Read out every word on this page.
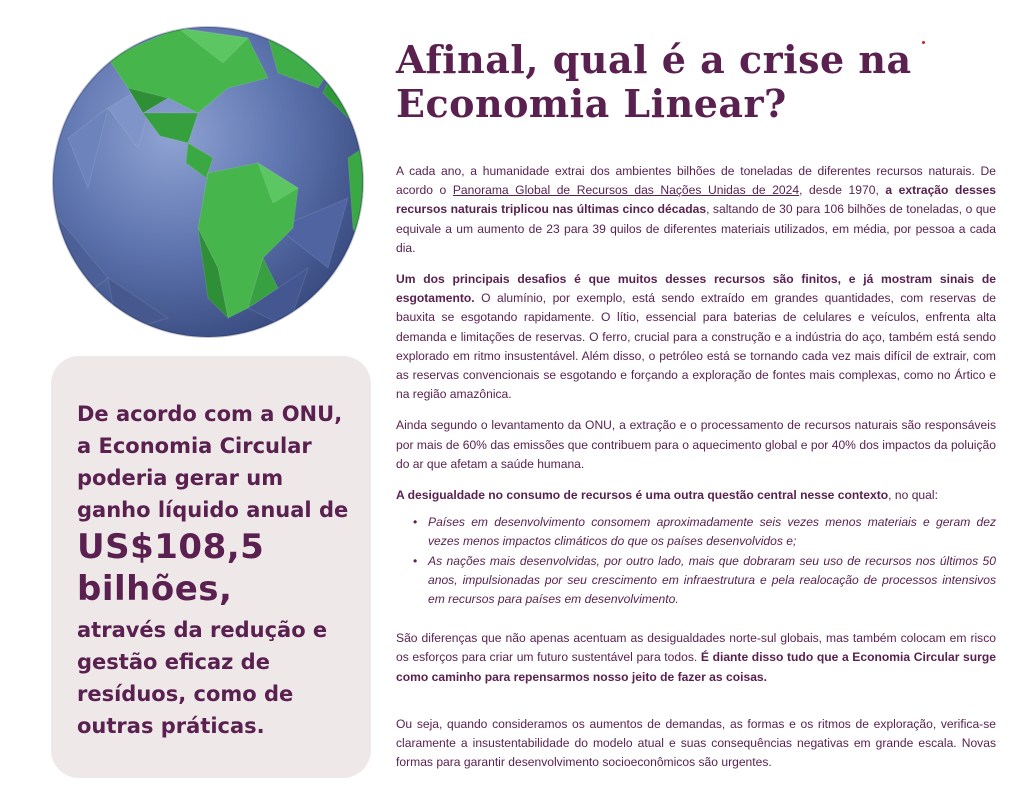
De acordo com a ONU,

a Economia Circular

poderia gerar um

ganho líquido anual de

US$108,5

bilhões,

através da redução e

gestão eficaz de

resíduos, como de

outras práticas.

Afinal, qual é a crise na
Economia Linear?

A cada ano, a humanidade extrai dos ambientes bilhões de toneladas de diferentes recursos naturais. De acordo o Panorama Global de Recursos das Nações Unidas de 2024, desde 1970, a extração desses recursos naturais triplicou nas últimas cinco décadas, saltando de 30 para 106 bilhões de toneladas, o que equivale a um aumento de 23 para 39 quilos de diferentes materiais utilizados, em média, por pessoa a cada dia.

Um dos principais desafios é que muitos desses recursos são finitos, e já mostram sinais de esgotamento. O alumínio, por exemplo, está sendo extraído em grandes quantidades, com reservas de bauxita se esgotando rapidamente. O lítio, essencial para baterias de celulares e veículos, enfrenta alta demanda e limitações de reservas. O ferro, crucial para a construção e a indústria do aço, também está sendo explorado em ritmo insustentável. Além disso, o petróleo está se tornando cada vez mais difícil de extrair, com as reservas convencionais se esgotando e forçando a exploração de fontes mais complexas, como no Ártico e na região amazônica.

Ainda segundo o levantamento da ONU, a extração e o processamento de recursos naturais são responsáveis por mais de 60% das emissões que contribuem para o aquecimento global e por 40% dos impactos da poluição do ar que afetam a saúde humana.

A desigualdade no consumo de recursos é uma outra questão central nesse contexto, no qual:

• Países em desenvolvimento consomem aproximadamente seis vezes menos materiais e geram dez vezes menos impactos climáticos do que os países desenvolvidos e;
• As nações mais desenvolvidas, por outro lado, mais que dobraram seu uso de recursos nos últimos 50 anos, impulsionadas por seu crescimento em infraestrutura e pela realocação de processos intensivos em recursos para países em desenvolvimento.

São diferenças que não apenas acentuam as desigualdades norte-sul globais, mas também colocam em risco os esforços para criar um futuro sustentável para todos. É diante disso tudo que a Economia Circular surge como caminho para repensarmos nosso jeito de fazer as coisas.

Ou seja, quando consideramos os aumentos de demandas, as formas e os ritmos de exploração, verifica-se claramente a insustentabilidade do modelo atual e suas consequências negativas em grande escala. Novas formas para garantir desenvolvimento socioeconômicos são urgentes.
